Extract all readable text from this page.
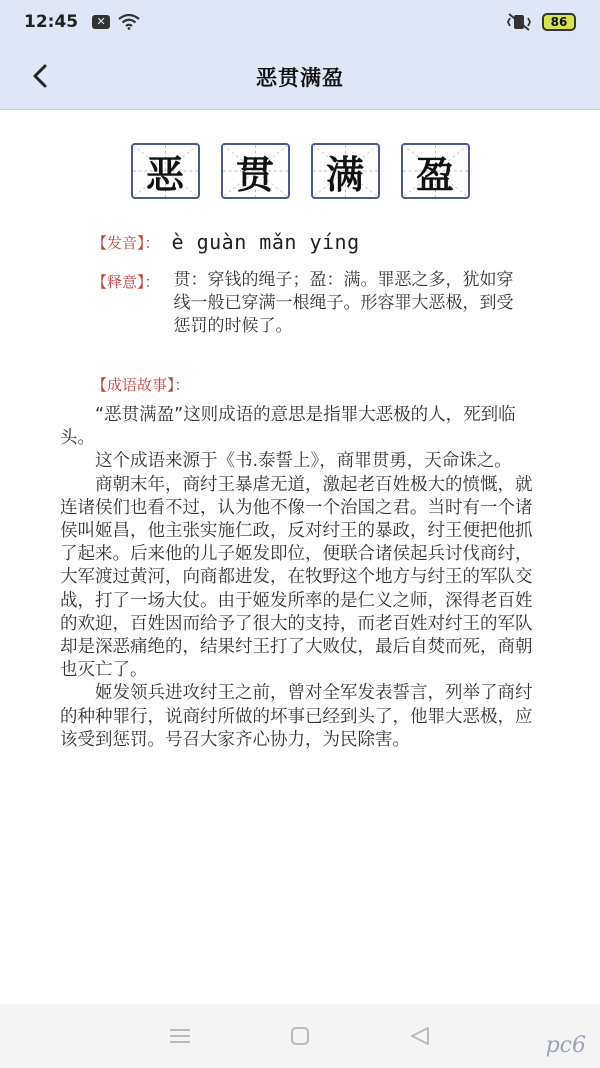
12:45	✕	86
恶贯满盈
恶 贯 满 盈
【发音】： è guàn mǎn yíng
【释意】： 贯：穿钱的绳子；盈：满。罪恶之多，犹如穿线一般已穿满一根绳子。形容罪大恶极，到受惩罚的时候了。
【成语故事】：

“恶贯满盈”这则成语的意思是指罪大恶极的人，死到临头。

这个成语来源于《书.泰誓上》，商罪贯勇，天命诛之。

商朝末年，商纣王暴虐无道，激起老百姓极大的愤慨，就连诸侯们也看不过，认为他不像一个治国之君。当时有一个诸侯叫姬昌，他主张实施仁政，反对纣王的暴政，纣王便把他抓了起来。后来他的儿子姬发即位，便联合诸侯起兵讨伐商纣，大军渡过黄河，向商都进发，在牧野这个地方与纣王的军队交战，打了一场大仗。由于姬发所率的是仁义之师，深得老百姓的欢迎，百姓因而给予了很大的支持，而老百姓对纣王的军队却是深恶痛绝的，结果纣王打了大败仗，最后自焚而死，商朝也灭亡了。

姬发领兵进攻纣王之前，曾对全军发表誓言，列举了商纣的种种罪行，说商纣所做的坏事已经到头了，他罪大恶极，应该受到惩罚。号召大家齐心协力，为民除害。

pc6
